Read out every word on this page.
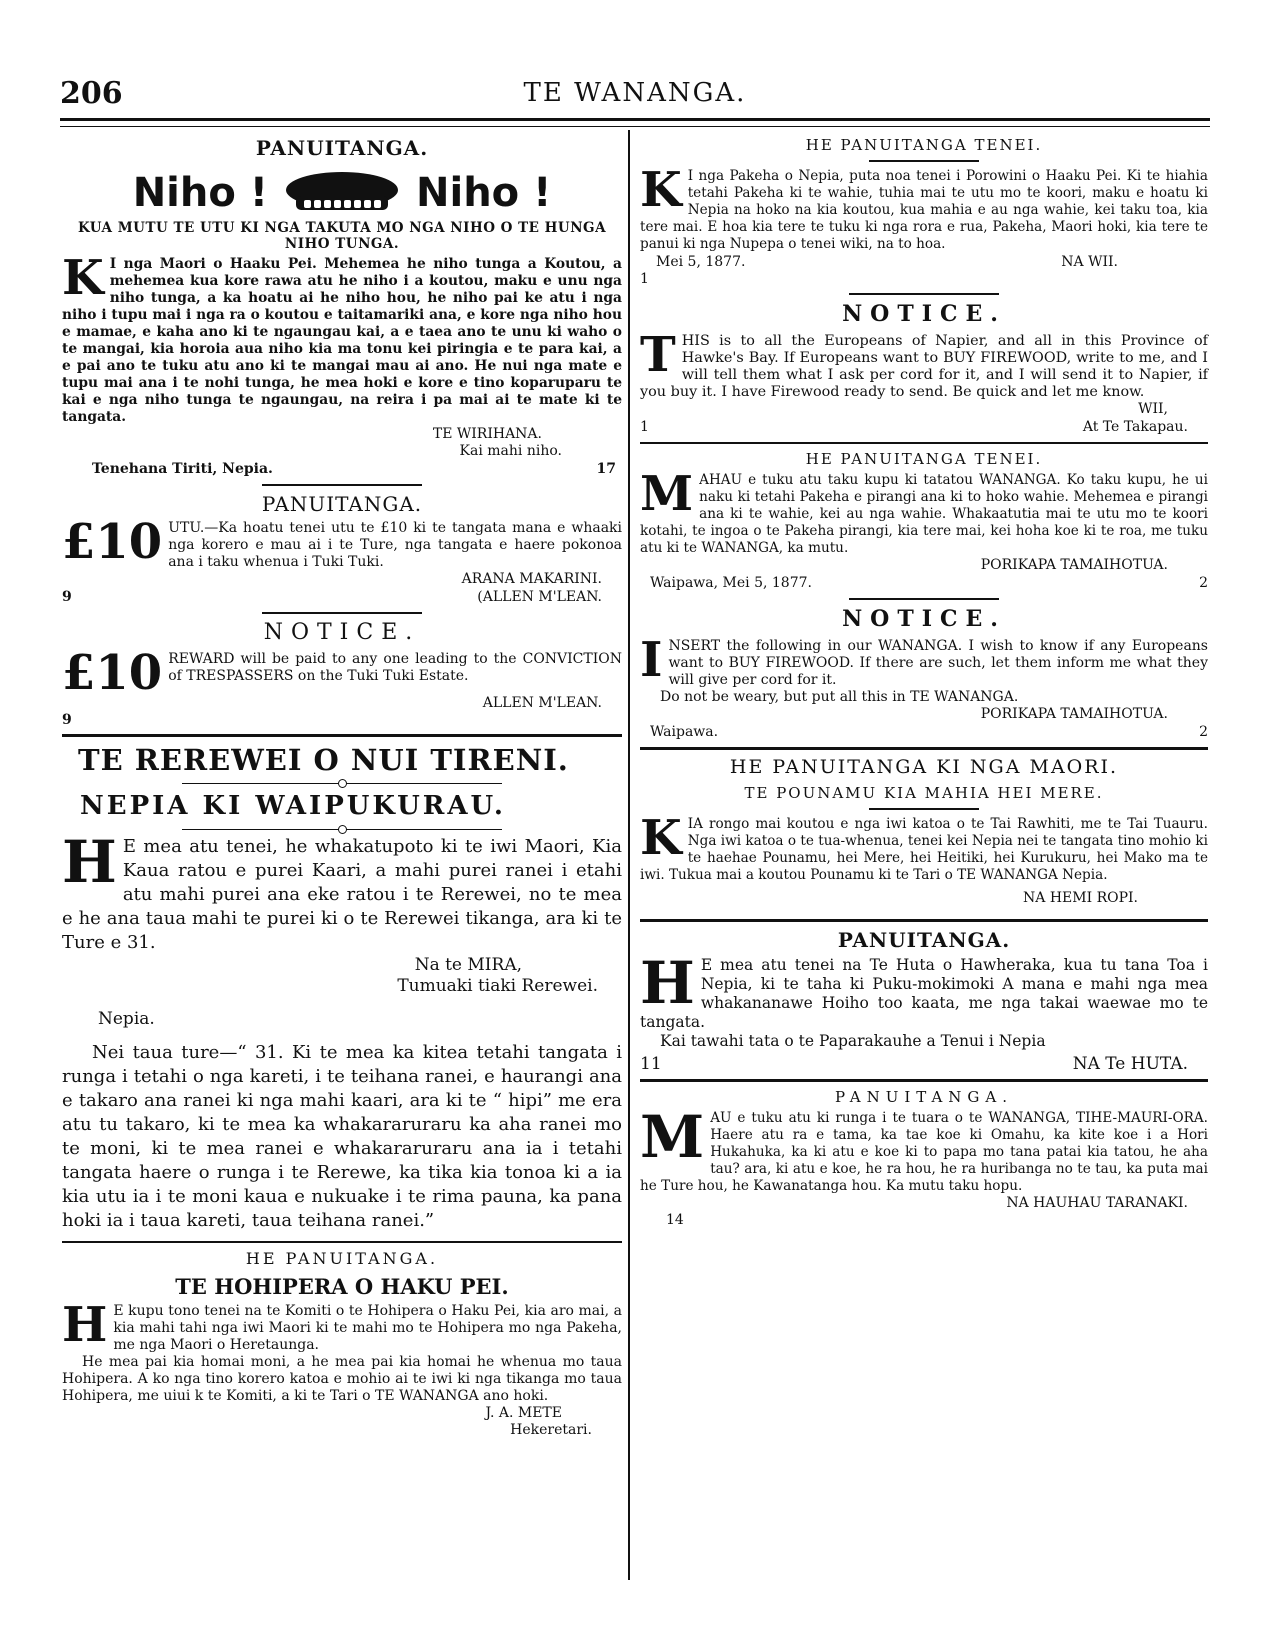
206	TE WANANGA.
PANUITANGA.
Niho !	Niho !
KUA MUTU TE UTU KI NGA TAKUTA MO NGA NIHO O TE HUNGA NIHO TUNGA.

K I nga Maori o Haaku Pei. Mehemea he niho tunga a Koutou, a mehemea kua kore rawa atu he niho i a koutou, maku e unu nga niho tunga, a ka hoatu ai he niho hou, he niho pai ke atu i nga niho i tupu mai i nga ra o koutou e taitamariki ana, e kore nga niho hou e mamae, e kaha ano ki te ngaungau kai, a e taea ano te unu ki waho o te mangai, kia horoia aua niho kia ma tonu kei piringia e te para kai, a e pai ano te tuku atu ano ki te mangai mau ai ano. He nui nga mate e tupu mai ana i te nohi tunga, he mea hoki e kore e tino koparuparu te kai e nga niho tunga te ngaungau, na reira i pa mai ai te mate ki te tangata.

TE WIRIHANA.
Kai mahi niho.
Tenehana Tiriti, Nepia.	17
PANUITANGA.
£10 UTU.—Ka hoatu tenei utu te £10 ki te tangata mana e whaaki nga korero e mau ai i te Ture, nga tangata e haere pokonoa ana i taku whenua i Tuki Tuki.

ARANA MAKARINI.
9	(ALLEN M'LEAN.
NOTICE.
£10 REWARD will be paid to any one leading to the CONVICTION of TRESPASSERS on the Tuki Tuki Estate.

ALLEN M'LEAN.
9
TE REREWEI O NUI TIRENI.
NEPIA KI WAIPUKURAU.

H E mea atu tenei, he whakatupoto ki te iwi Maori, Kia Kaua ratou e purei Kaari, a mahi purei ranei i etahi atu mahi purei ana eke ratou i te Rerewei, no te mea e he ana taua mahi te purei ki o te Rerewei tikanga, ara ki te Ture e 31.

Na te MIRA,
Tumuaki tiaki Rerewei.
Nepia.

Nei taua ture—“ 31. Ki te mea ka kitea tetahi tangata i runga i tetahi o nga kareti, i te teihana ranei, e haurangi ana e takaro ana ranei ki nga mahi kaari, ara ki te “ hipi” me era atu tu takaro, ki te mea ka whakararuraru ka aha ranei mo te moni, ki te mea ranei e whakararuraru ana ia i tetahi tangata haere o runga i te Rerewe, ka tika kia tonoa ki a ia kia utu ia i te moni kaua e nukuake i te rima pauna, ka pana hoki ia i taua kareti, taua teihana ranei.”

HE PANUITANGA.
TE HOHIPERA O HAKU PEI.

H E kupu tono tenei na te Komiti o te Hohipera o Haku Pei, kia aro mai, a kia mahi tahi nga iwi Maori ki te mahi mo te Hohipera mo nga Pakeha, me nga Maori o Heretaunga.

He mea pai kia homai moni, a he mea pai kia homai he whenua mo taua Hohipera. A ko nga tino korero katoa e mohio ai te iwi ki nga tikanga mo taua Hohipera, me uiui k te Komiti, a ki te Tari o TE WANANGA ano hoki.

J. A. METE
Hekeretari.
HE PANUITANGA TENEI.

K I nga Pakeha o Nepia, puta noa tenei i Porowini o Haaku Pei. Ki te hiahia tetahi Pakeha ki te wahie, tuhia mai te utu mo te koori, maku e hoatu ki Nepia na hoko na kia koutou, kua mahia e au nga wahie, kei taku toa, kia tere mai. E hoa kia tere te tuku ki nga rora e rua, Pakeha, Maori hoki, kia tere te panui ki nga Nupepa o tenei wiki, na to hoa.

Mei 5, 1877.	NA WII.
1
NOTICE.

THIS is to all the Europeans of Napier, and all in this Province of Hawke's Bay. If Europeans want to BUY FIREWOOD, write to me, and I will tell them what I ask per cord for it, and I will send it to Napier, if you buy it. I have Firewood ready to send. Be quick and let me know.

WII,
1	At Te Takapau.
HE PANUITANGA TENEI.

MAHAU e tuku atu taku kupu ki tatatou WANANGA. Ko taku kupu, he ui naku ki tetahi Pakeha e pirangi ana ki to hoko wahie. Mehemea e pirangi ana ki te wahie, kei au nga wahie. Whakaatutia mai te utu mo te koori kotahi, te ingoa o te Pakeha pirangi, kia tere mai, kei hoha koe ki te roa, me tuku atu ki te WANANGA, ka mutu.

PORIKAPA TAMAIHOTUA.
Waipawa, Mei 5, 1877.	2
NOTICE.

INSERT the following in our WANANGA. I wish to know if any Europeans want to BUY FIREWOOD. If there are such, let them inform me what they will give per cord for it.

Do not be weary, but put all this in TE WANANGA.

PORIKAPA TAMAIHOTUA.
Waipawa.	2
HE PANUITANGA KI NGA MAORI.
TE POUNAMU KIA MAHIA HEI MERE.

KIA rongo mai koutou e nga iwi katoa o te Tai Rawhiti, me te Tai Tuauru. Nga iwi katoa o te tua-whenua, tenei kei Nepia nei te tangata tino mohio ki te haehae Pounamu, hei Mere, hei Heitiki, hei Kurukuru, hei Mako ma te iwi. Tukua mai a koutou Pounamu ki te Tari o TE WANANGA Nepia.

NA HEMI ROPI.
PANUITANGA.

H E mea atu tenei na Te Huta o Hawheraka, kua tu tana Toa i Nepia, ki te taha ki Puku-mokimoki A mana e mahi nga mea whakananawe Hoiho too kaata, me nga takai waewae mo te tangata.

Kai tawahi tata o te Paparakauhe a Tenui i Nepia

11	NA Te HUTA.
PANUITANGA.

MAU e tuku atu ki runga i te tuara o te WANANGA, TIHE-MAURI-ORA. Haere atu ra e tama, ka tae koe ki Omahu, ka kite koe i a Hori Hukahuka, ka ki atu e koe ki to papa mo tana patai kia tatou, he aha tau? ara, ki atu e koe, he ra hou, he ra huribanga no te tau, ka puta mai he Ture hou, he Kawanatanga hou. Ka mutu taku hopu.

NA HAUHAU TARANAKI.
14
